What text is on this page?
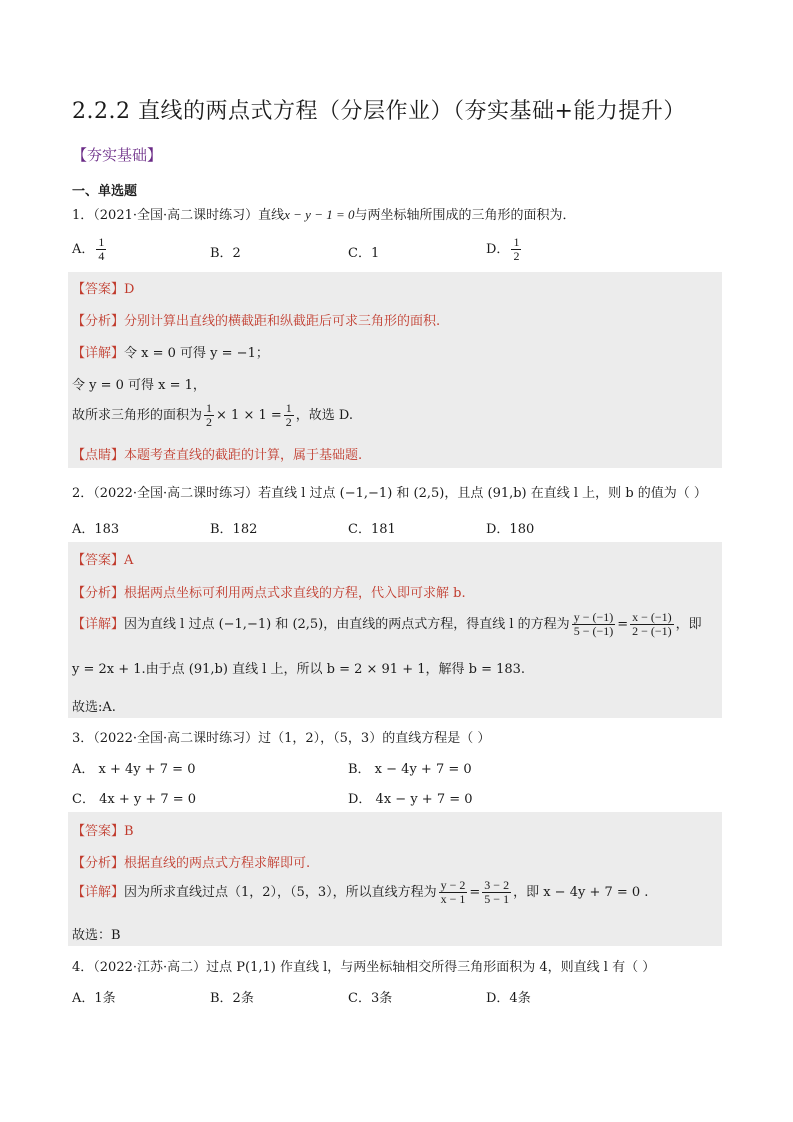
2.2.2 直线的两点式方程（分层作业）（夯实基础+能力提升）
【夯实基础】
一、单选题
1．（2021·全国·高二课时练习）直线x − y − 1 = 0与两坐标轴所围成的三角形的面积为．
A． $\frac{1}{4}$	B．2	C．1	D． $\frac{1}{2}$
【答案】D
【分析】分别计算出直线的横截距和纵截距后可求三角形的面积.
【详解】令 x = 0 可得 y = −1；
令 y = 0 可得 x = 1，
故所求三角形的面积为 $\frac{1}{2} \times 1 \times 1 = \frac{1}{2}$ ，故选 D.
【点睛】本题考查直线的截距的计算，属于基础题.
2．（2022·全国·高二课时练习）若直线 l 过点 (−1,−1) 和 (2,5)，且点 (91,b) 在直线 l 上，则 b 的值为（ ）
A．183	B．182	C．181	D．180
【答案】A
【分析】根据两点坐标可利用两点式求直线的方程，代入即可求解 b.
【详解】因为直线 l 过点 (−1,−1) 和 (2,5)，由直线的两点式方程，得直线 l 的方程为 $\frac{y - (-1)}{5 - (-1)} = \frac{x - (-1)}{2 - (-1)}$ ，即
y = 2x + 1.由于点 (91,b) 直线 l 上，所以 b = 2 × 91 + 1，解得 b = 183.
故选:A.
3．（2022·全国·高二课时练习）过（1，2），（5，3）的直线方程是（ ）
A． x + 4y + 7 = 0	B． x − 4y + 7 = 0
C． 4x + y + 7 = 0	D． 4x − y + 7 = 0
【答案】B
【分析】根据直线的两点式方程求解即可.
【详解】因为所求直线过点（1，2），（5，3），所以直线方程为 $\frac{y - 2}{x - 1} = \frac{3 - 2}{5 - 1}$ ，即 x − 4y + 7 = 0 .
故选：B
4．（2022·江苏·高二）过点 P(1,1) 作直线 l，与两坐标轴相交所得三角形面积为 4，则直线 l 有（ ）
A．1条	B．2条	C．3条	D．4条
